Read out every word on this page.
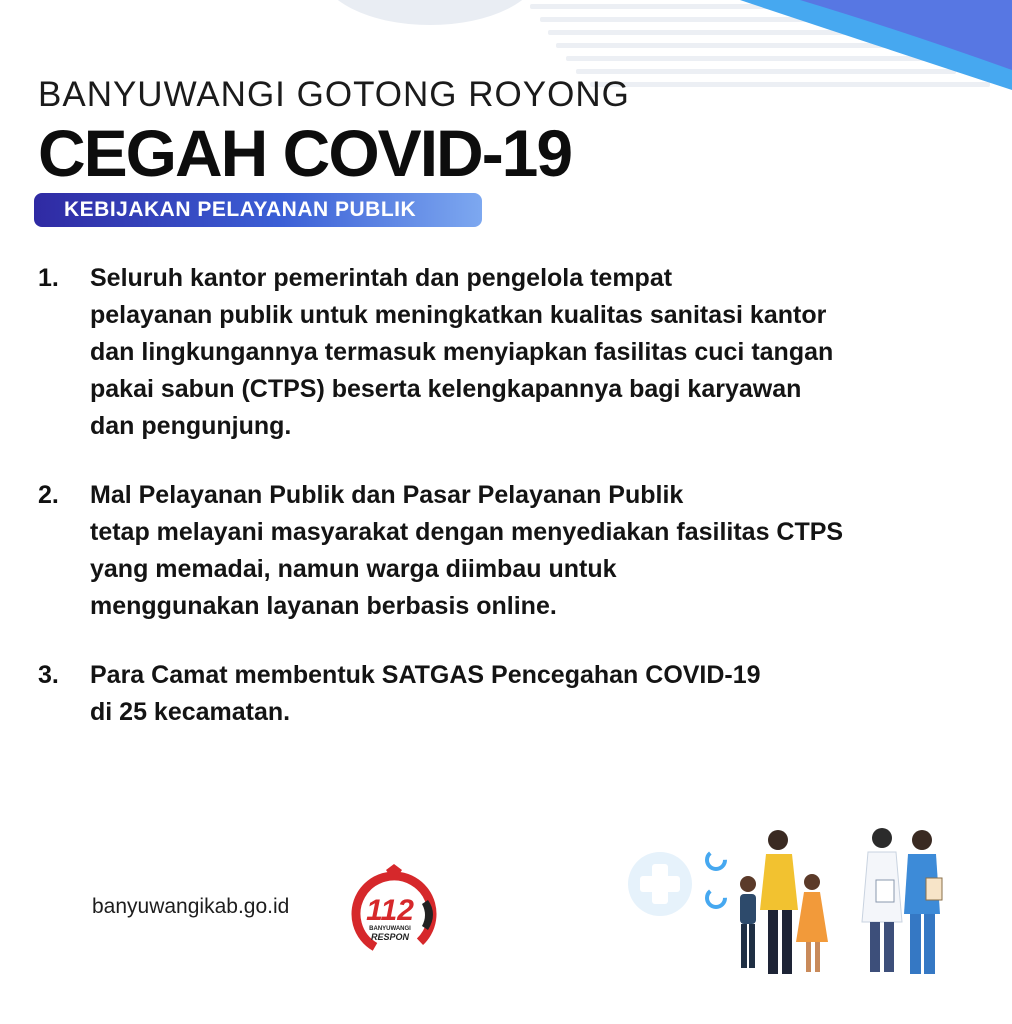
BANYUWANGI GOTONG ROYONG
CEGAH COVID-19
KEBIJAKAN PELAYANAN PUBLIK
1.	Seluruh kantor pemerintah dan pengelola tempat
pelayanan publik untuk meningkatkan kualitas sanitasi kantor
dan lingkungannya termasuk menyiapkan fasilitas cuci tangan
pakai sabun (CTPS) beserta kelengkapannya bagi karyawan
dan pengunjung.
2.	Mal Pelayanan Publik dan Pasar Pelayanan Publik
tetap melayani masyarakat dengan menyediakan fasilitas CTPS
yang memadai, namun warga diimbau untuk
menggunakan layanan berbasis online.
3.	Para Camat membentuk SATGAS Pencegahan COVID-19
di 25 kecamatan.
banyuwangikab.go.id	112
BANYUWANGI
RESPON
